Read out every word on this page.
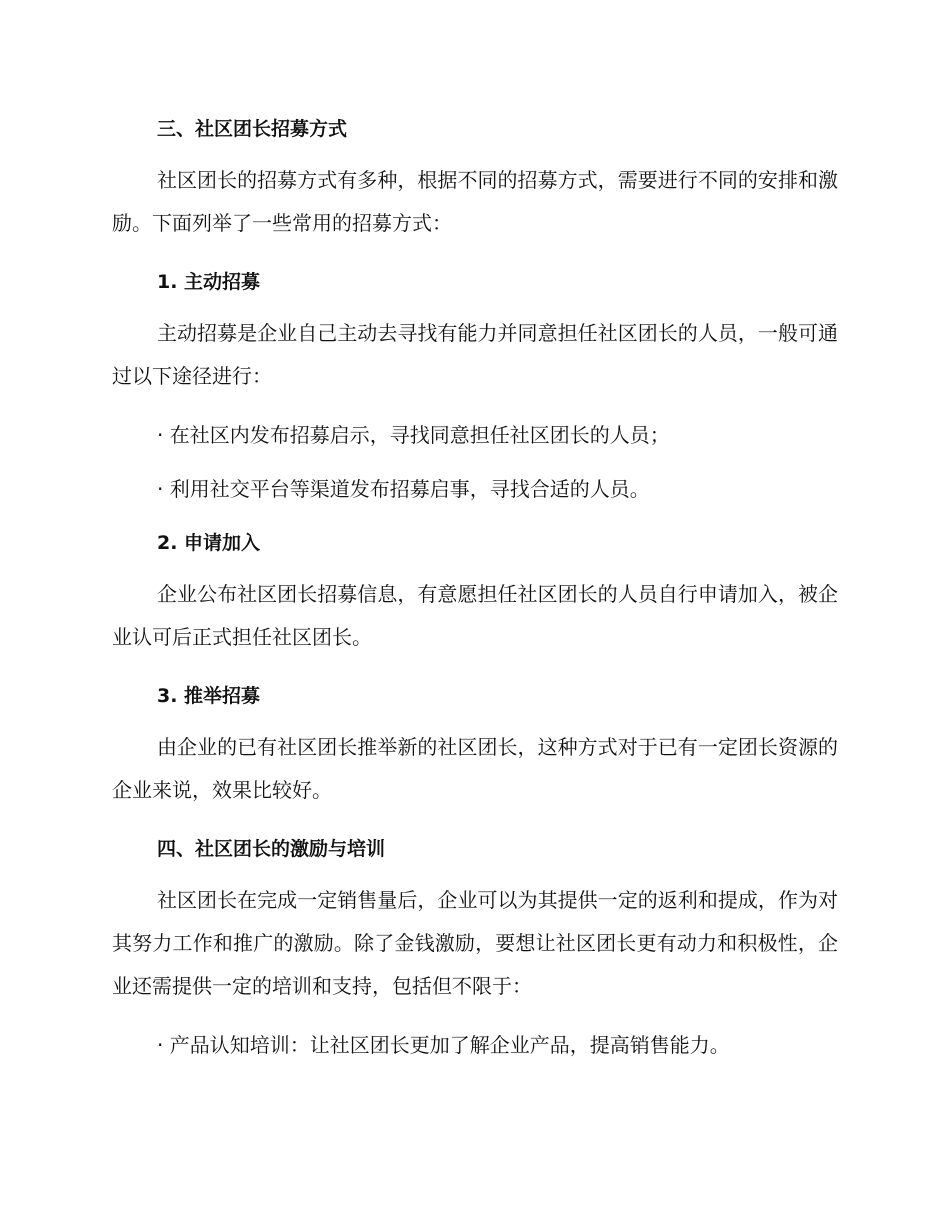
三、社区团长招募方式

社区团长的招募方式有多种，根据不同的招募方式，需要进行不同的安排和激励。下面列举了一些常用的招募方式：

1. 主动招募

主动招募是企业自己主动去寻找有能力并同意担任社区团长的人员，一般可通过以下途径进行：

· 在社区内发布招募启示，寻找同意担任社区团长的人员；

· 利用社交平台等渠道发布招募启事，寻找合适的人员。

2. 申请加入

企业公布社区团长招募信息，有意愿担任社区团长的人员自行申请加入，被企业认可后正式担任社区团长。

3. 推举招募

由企业的已有社区团长推举新的社区团长，这种方式对于已有一定团长资源的企业来说，效果比较好。

四、社区团长的激励与培训

社区团长在完成一定销售量后，企业可以为其提供一定的返利和提成，作为对其努力工作和推广的激励。除了金钱激励，要想让社区团长更有动力和积极性，企业还需提供一定的培训和支持，包括但不限于：

· 产品认知培训：让社区团长更加了解企业产品，提高销售能力。
